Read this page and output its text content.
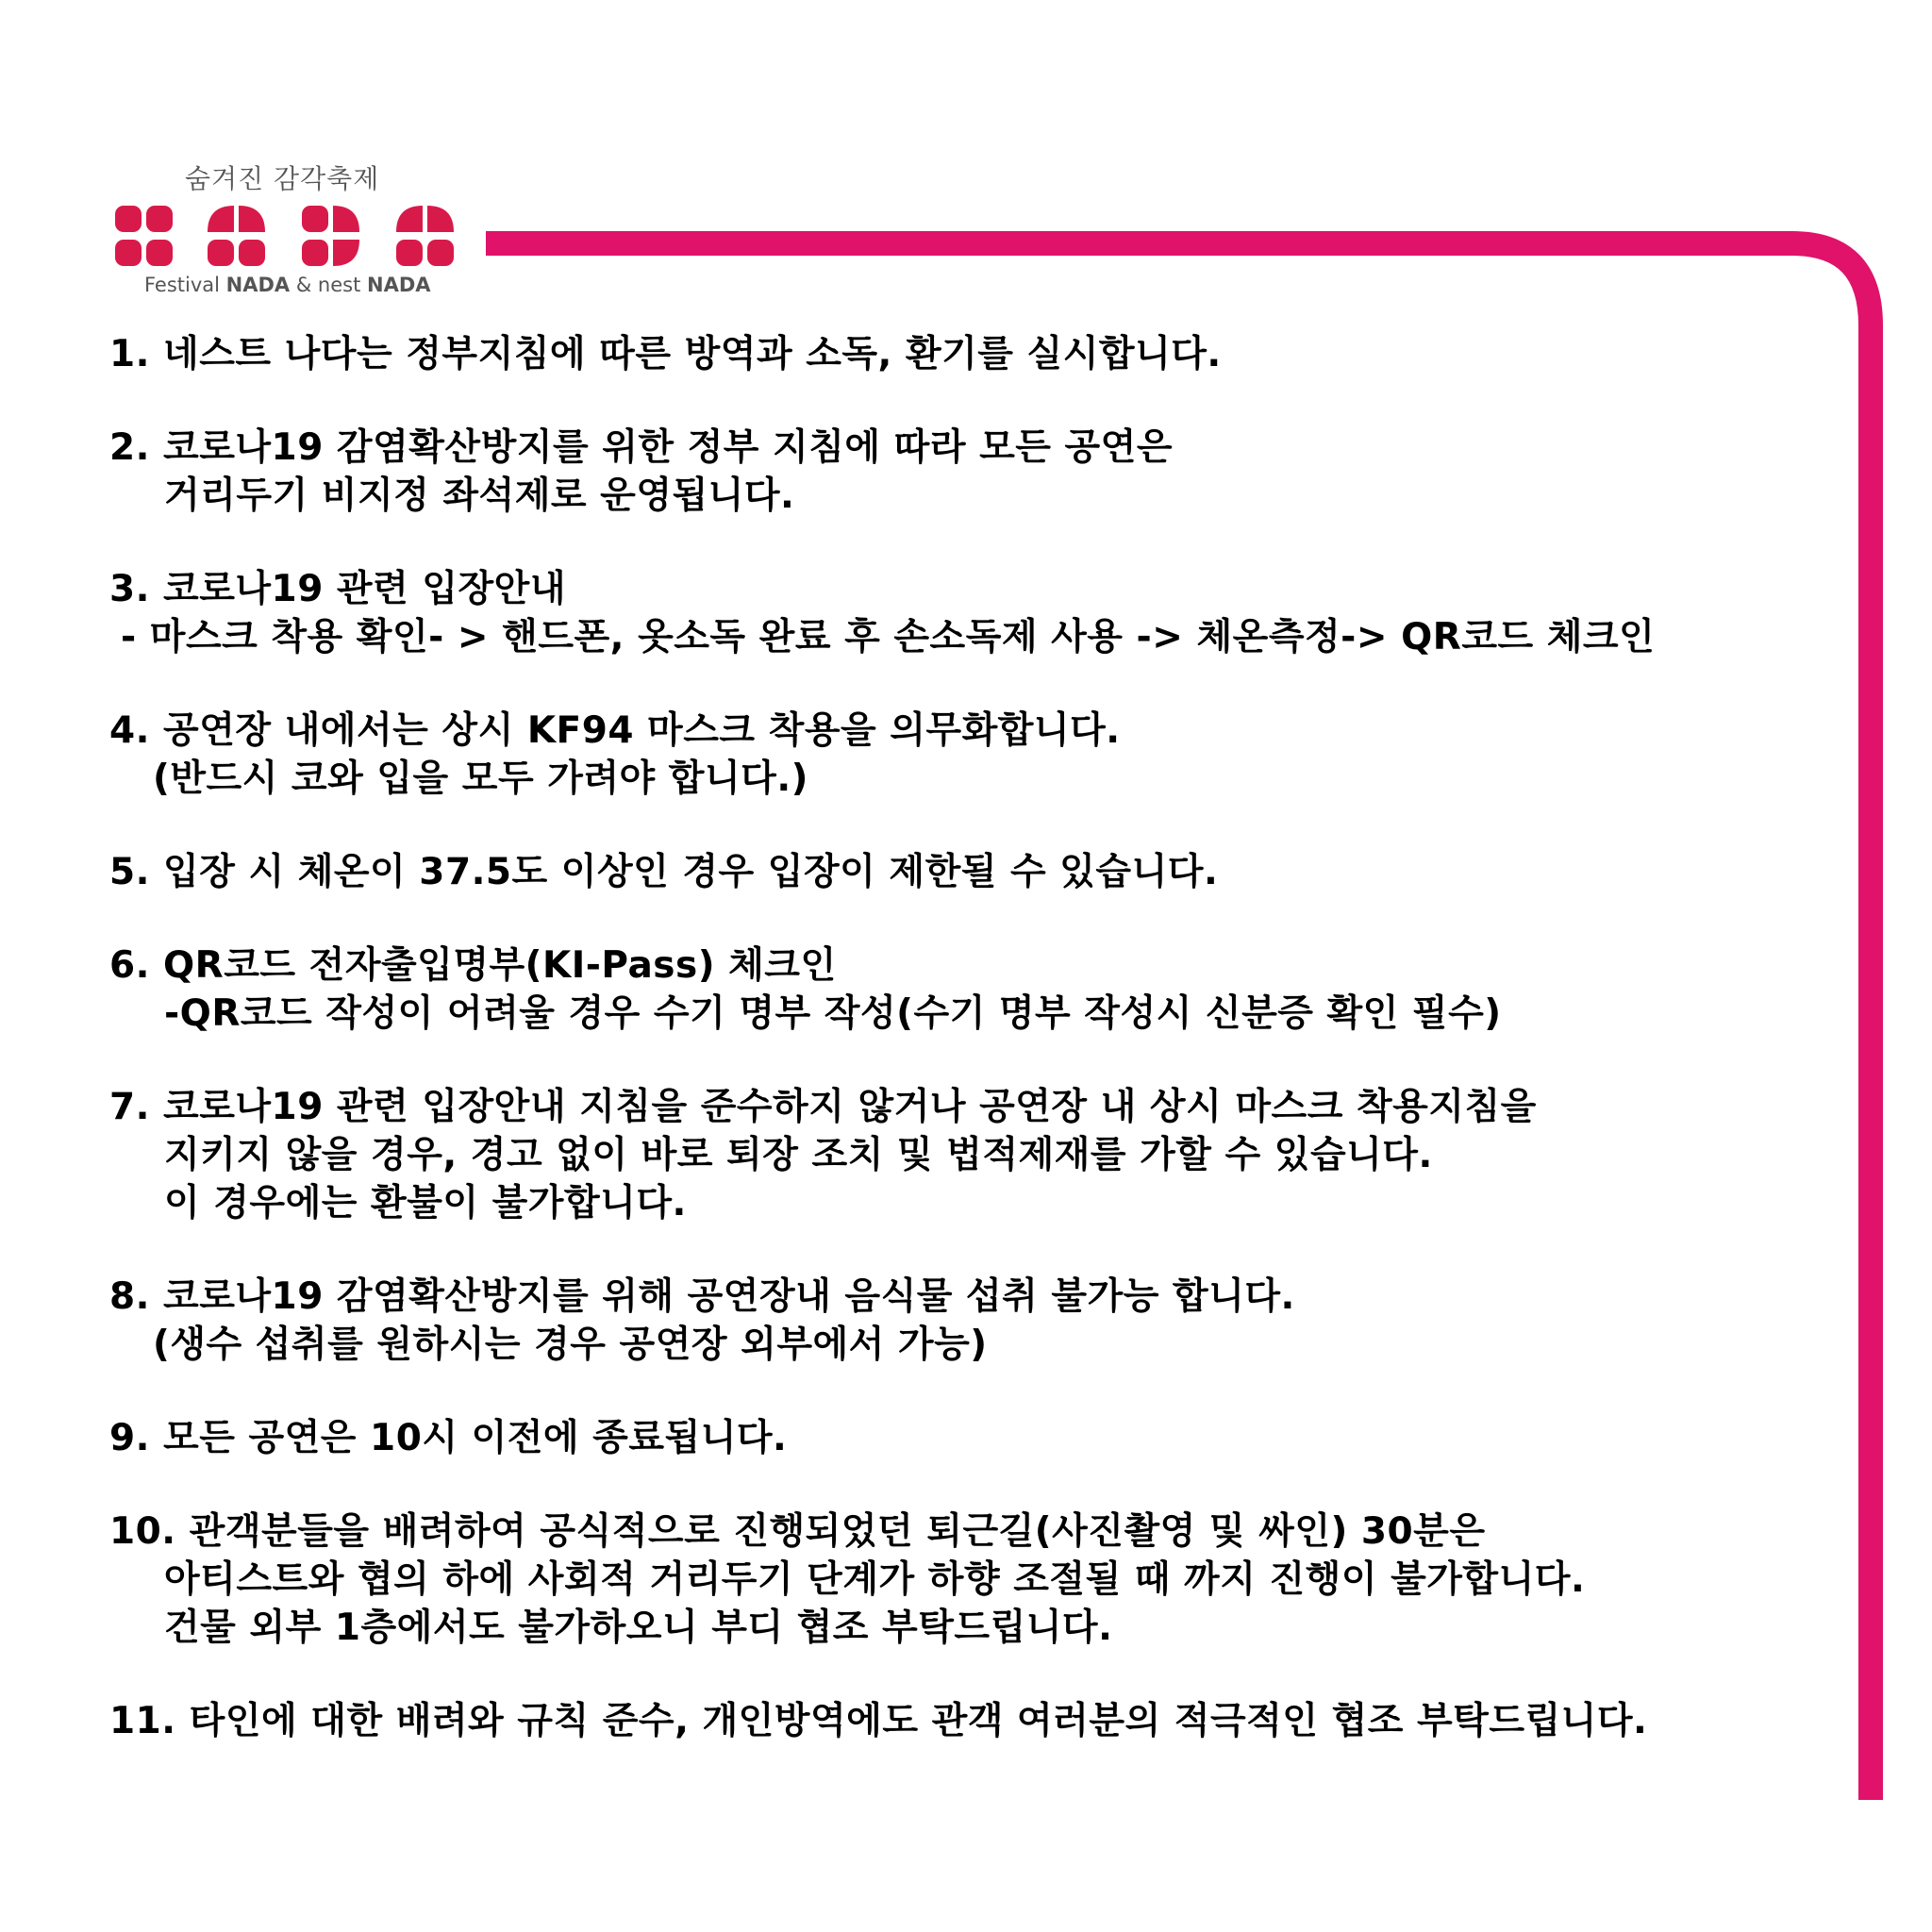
숨겨진 감각축제
Festival NADA & nest NADA
1. 네스트 나다는 정부지침에 따른 방역과 소독, 환기를 실시합니다.
2. 코로나19 감염확산방지를 위한 정부 지침에 따라 모든 공연은
거리두기 비지정 좌석제로 운영됩니다.
3. 코로나19 관련 입장안내
- 마스크 착용 확인- > 핸드폰, 옷소독 완료 후 손소독제 사용 -> 체온측정-> QR코드 체크인
4. 공연장 내에서는 상시 KF94 마스크 착용을 의무화합니다.
(반드시 코와 입을 모두 가려야 합니다.)
5. 입장 시 체온이 37.5도 이상인 경우 입장이 제한될 수 있습니다.
6. QR코드 전자출입명부(KI-Pass) 체크인
-QR코드 작성이 어려울 경우 수기 명부 작성(수기 명부 작성시 신분증 확인 필수)
7. 코로나19 관련 입장안내 지침을 준수하지 않거나 공연장 내 상시 마스크 착용지침을
지키지 않을 경우, 경고 없이 바로 퇴장 조치 및 법적제재를 가할 수 있습니다.
이 경우에는 환불이 불가합니다.
8. 코로나19 감염확산방지를 위해 공연장내 음식물 섭취 불가능 합니다.
(생수 섭취를 원하시는 경우 공연장 외부에서 가능)
9. 모든 공연은 10시 이전에 종료됩니다.
10. 관객분들을 배려하여 공식적으로 진행되었던 퇴근길(사진촬영 및 싸인) 30분은
아티스트와 협의 하에 사회적 거리두기 단계가 하향 조절될 때 까지 진행이 불가합니다.
건물 외부 1층에서도 불가하오니 부디 협조 부탁드립니다.
11. 타인에 대한 배려와 규칙 준수, 개인방역에도 관객 여러분의 적극적인 협조 부탁드립니다.
